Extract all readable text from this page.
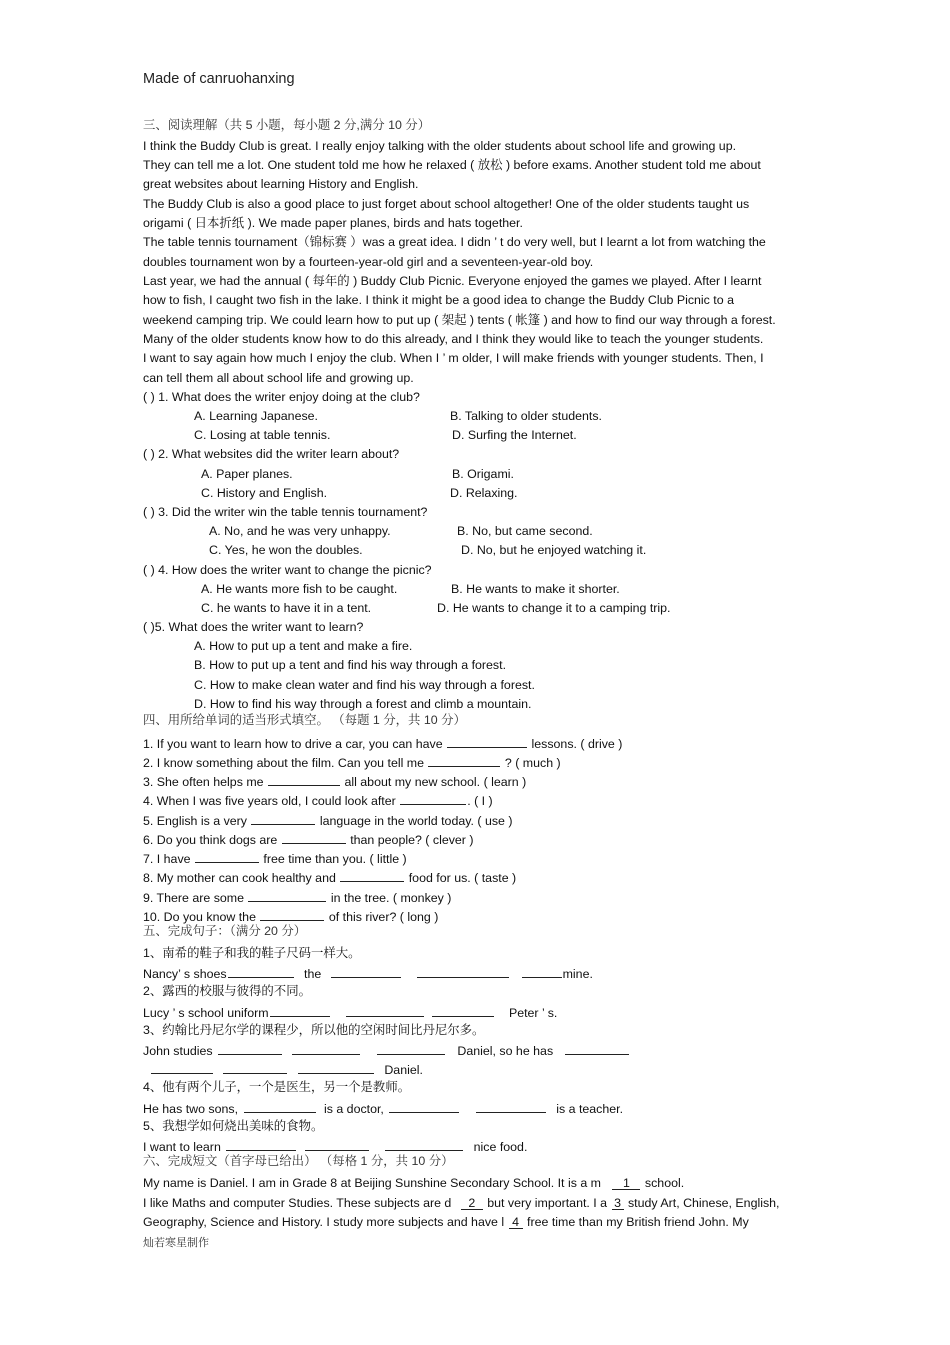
Made of canruohanxing
三、阅读理解（共 5 小题，每小题 2 分,满分 10 分）
I think the Buddy Club is great. I really enjoy talking with the older students about school life and growing up.
They can tell me a lot. One student told me how he relaxed ( 放松 ) before exams. Another student told me about
great websites about learning History and English.
The Buddy Club is also a good place to just forget about school altogether! One of the older students taught us
origami ( 日本折纸 ). We made paper planes, birds and hats together.
The table tennis tournament（锦标赛 ）was a great idea. I didn ’ t do very well, but I learnt a lot from watching the
doubles tournament won by a fourteen-year-old girl and a seventeen-year-old boy.
Last year, we had the annual ( 每年的 ) Buddy Club Picnic. Everyone enjoyed the games we played. After I learnt
how to fish, I caught two fish in the lake. I think it might be a good idea to change the Buddy Club Picnic to a
weekend camping trip. We could learn how to put up ( 架起 ) tents ( 帐篷 ) and how to find our way through a forest.
Many of the older students know how to do this already, and I think they would like to teach the younger students.
I want to say again how much I enjoy the club. When I ’ m older, I will make friends with younger students. Then, I
can tell them all about school life and growing up.
( ) 1. What does the writer enjoy doing at the club?
A. Learning Japanese.	B. Talking to older students.
C. Losing at table tennis.	D. Surfing the Internet.
( ) 2. What websites did the writer learn about?
A. Paper planes.	B. Origami.
C. History and English.	D. Relaxing.
( ) 3. Did the writer win the table tennis tournament?
A. No, and he was very unhappy.	B. No, but came second.
C. Yes, he won the doubles.	D. No, but he enjoyed watching it.
( ) 4. How does the writer want to change the picnic?
A. He wants more fish to be caught.	B. He wants to make it shorter.
C. he wants to have it in a tent.	D. He wants to change it to a camping trip.
( )5. What does the writer want to learn?
A. How to put up a tent and make a fire.
B. How to put up a tent and find his way through a forest.
C. How to make clean water and find his way through a forest.
D. How to find his way through a forest and climb a mountain.
四、用所给单词的适当形式填空。 （每题 1 分，共 10 分）
1. If you want to learn how to drive a car, you can have	lessons. ( drive )
2. I know something about the film. Can you tell me	? ( much )
3. She often helps me	all about my new school. ( learn )
4. When I was five years old, I could look after	. ( I )
5. English is a very	language in the world today. ( use )
6. Do you think dogs are	than people? ( clever )
7. I have	free time than you. ( little )
8. My mother can cook healthy and	food for us. ( taste )
9. There are some	in the tree. ( monkey )
10. Do you know the	of this river? ( long )
五、完成句子：（满分 20 分）
1、南希的鞋子和我的鞋子尺码一样大。
Nancy’ s shoes	the	mine.
2、露西的校服与彼得的不同。
Lucy ’ s school uniform	Peter ’ s.
3、约翰比丹尼尔学的课程少，所以他的空闲时间比丹尼尔多。
John studies	Daniel, so he has
Daniel.
4、他有两个儿子，一个是医生，另一个是教师。
He has two sons,	is a doctor,	is a teacher.
5、我想学如何烧出美味的食物。
I want to learn	nice food.
六、完成短文（首字母已给出） （每格 1 分，共 10 分）
My name is Daniel. I am in Grade 8 at Beijing Sunshine Secondary School. It is a m 1 school.
I like Maths and computer Studies. These subjects are d 2 but very important. I a 3 study Art, Chinese, English,
Geography, Science and History. I study more subjects and have l 4 free time than my British friend John. My
灿若寒星制作
